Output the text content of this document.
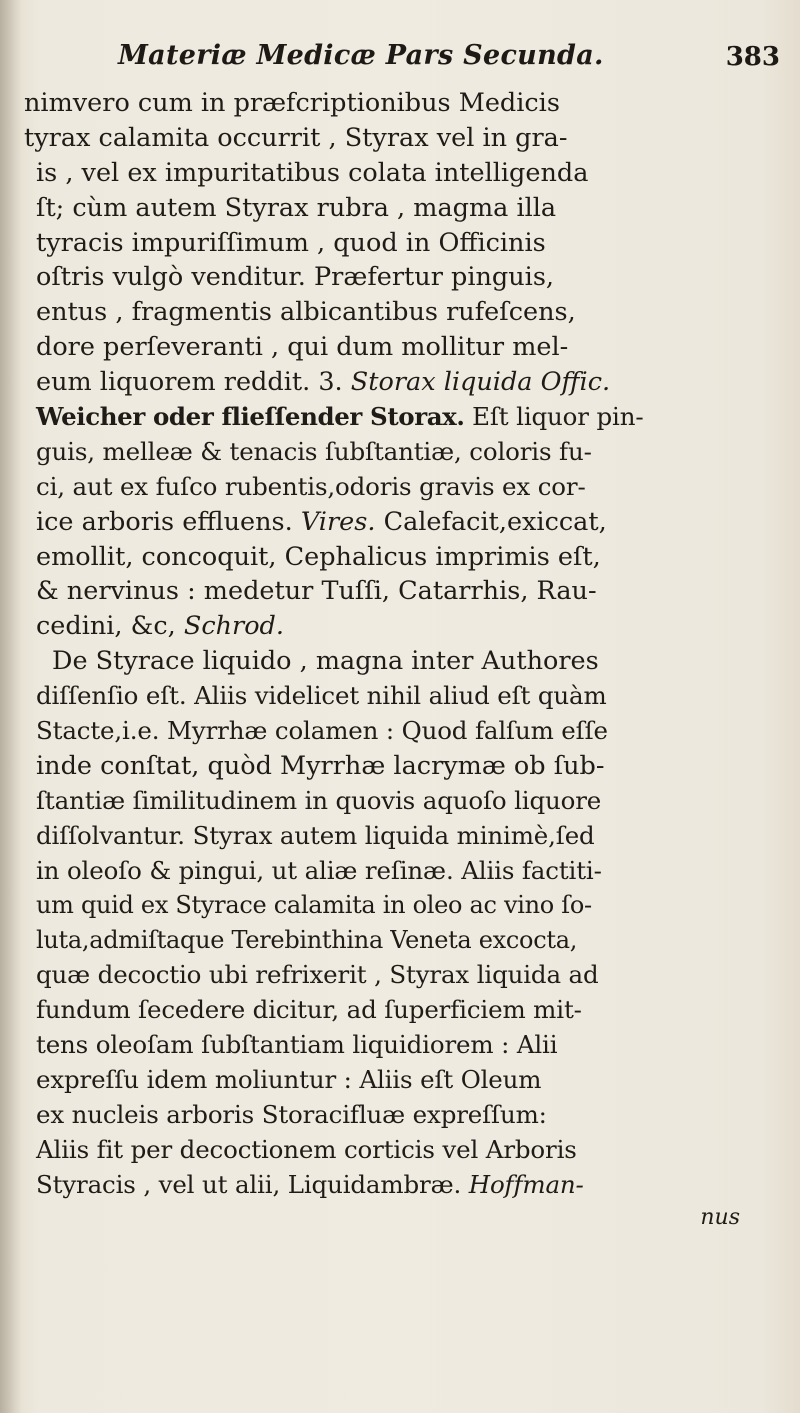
Materiæ Medicæ Pars Secunda.	383
nimvero cum in præfcriptionibus Medicis
tyrax calamita occurrit , Styrax vel in gra-
is , vel ex impuritatibus colata intelligenda
ſt; cùm autem Styrax rubra , magma illa
tyracis impuriſſimum , quod in Officinis
oſtris vulgò venditur. Præfertur pinguis,
entus , fragmentis albicantibus rufeſcens,
dore perſeveranti , qui dum mollitur mel-
eum liquorem reddit. 3. Storax liquida Offic.
Weicher oder flieſſender Storax. Eſt liquor pin-
guis, melleæ & tenacis ſubſtantiæ, coloris fu-
ci, aut ex fuſco rubentis,odoris gravis ex cor-
ice arboris effluens. Vires. Calefacit,exiccat,
emollit, concoquit, Cephalicus imprimis eſt,
& nervinus : medetur Tuſſi, Catarrhis, Rau-
cedini, &c, Schrod.
De Styrace liquido , magna inter Authores
diſſenſio eſt. Aliis videlicet nihil aliud eſt quàm
Stacte,i.e. Myrrhæ colamen : Quod falſum eſſe
inde conſtat, quòd Myrrhæ lacrymæ ob ſub-
ſtantiæ ſimilitudinem in quovis aquoſo liquore
diſſolvantur. Styrax autem liquida minimè,ſed
in oleoſo & pingui, ut aliæ reſinæ. Aliis factiti-
um quid ex Styrace calamita in oleo ac vino ſo-
luta,admiſtaque Terebinthina Veneta excocta,
quæ decoctio ubi refrixerit , Styrax liquida ad
fundum ſecedere dicitur, ad ſuperficiem mit-
tens oleoſam ſubſtantiam liquidiorem : Alii
expreſſu idem moliuntur : Aliis eſt Oleum
ex nucleis arboris Storacifluæ expreſſum:
Aliis fit per decoctionem corticis vel Arboris
Styracis , vel ut alii, Liquidambræ. Hoffman-
nus
